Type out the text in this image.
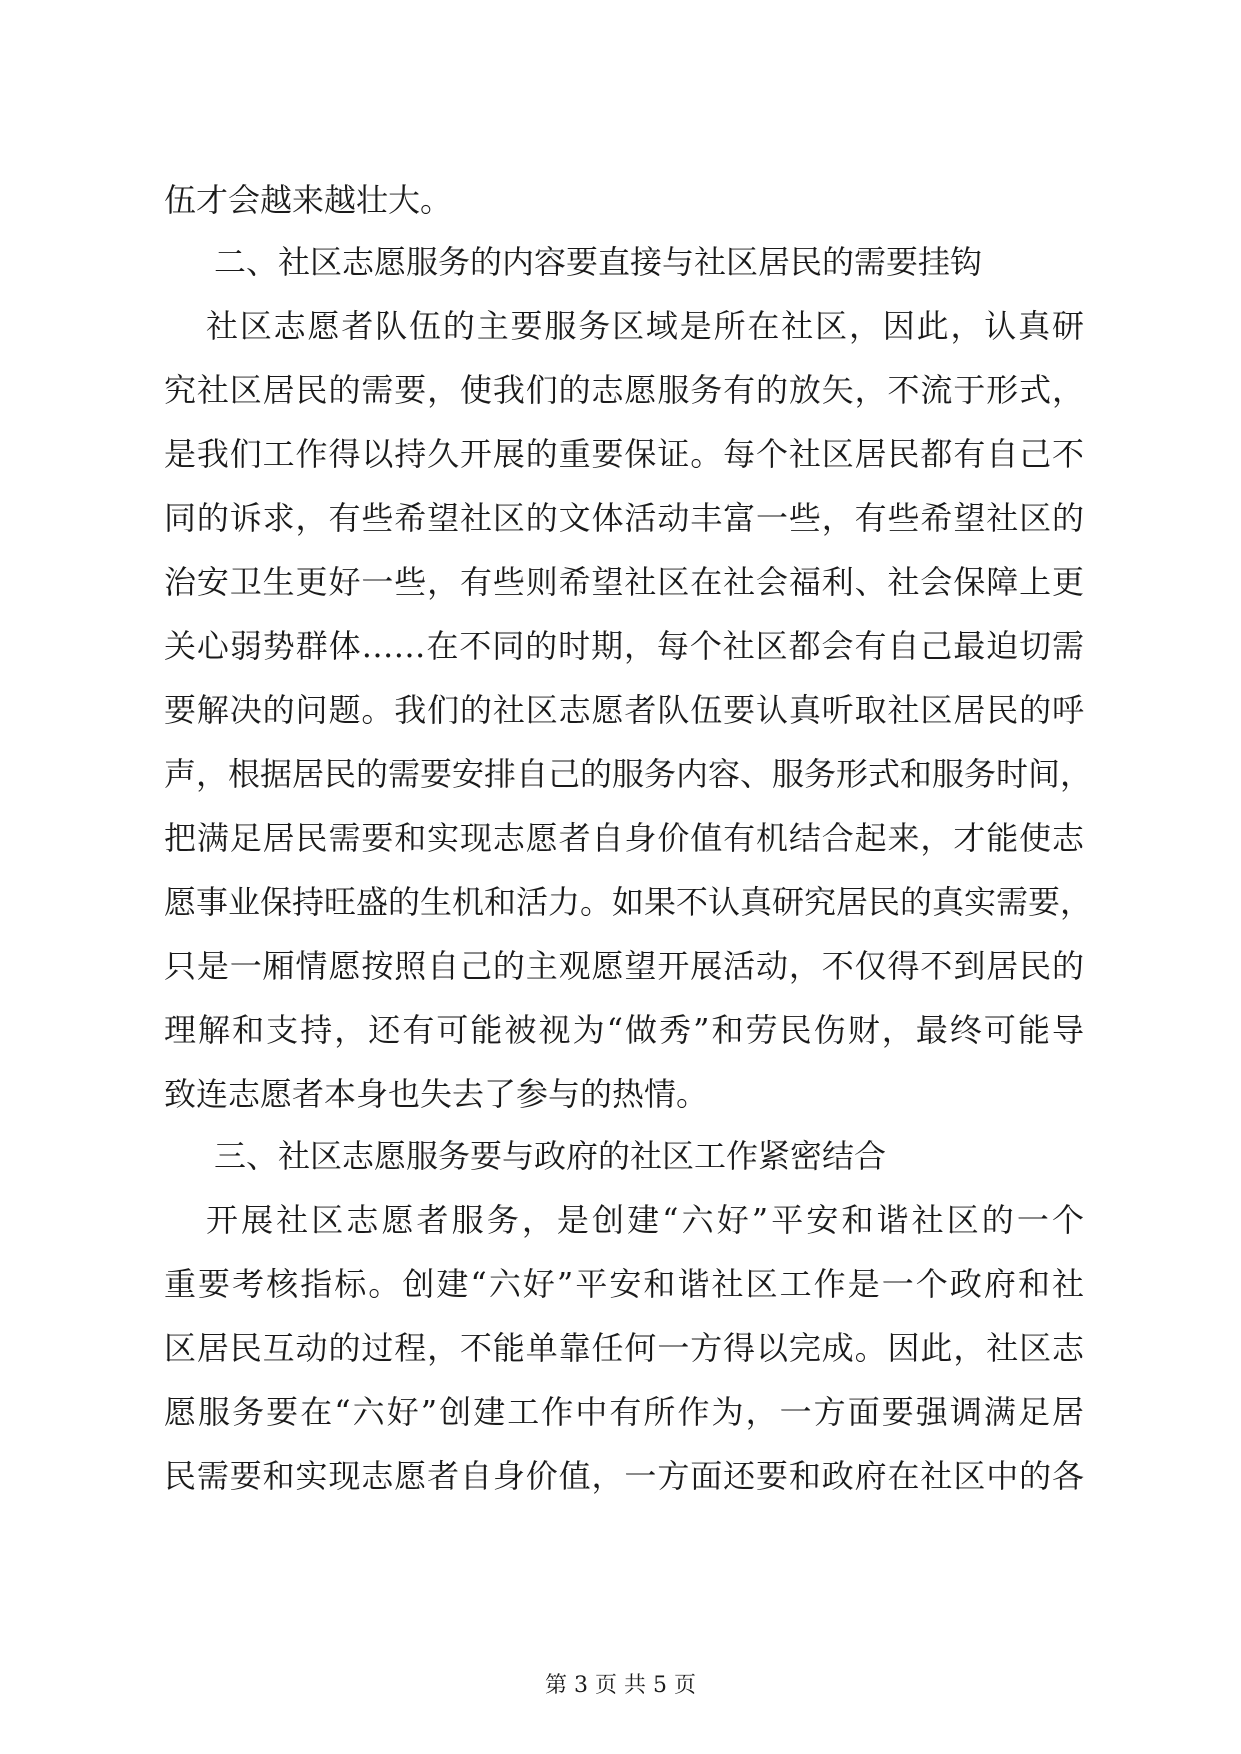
伍才会越来越壮大。
二、社区志愿服务的内容要直接与社区居民的需要挂钩
社区志愿者队伍的主要服务区域是所在社区，因此，认真研
究社区居民的需要，使我们的志愿服务有的放矢，不流于形式，
是我们工作得以持久开展的重要保证。每个社区居民都有自己不
同的诉求，有些希望社区的文体活动丰富一些，有些希望社区的
治安卫生更好一些，有些则希望社区在社会福利、社会保障上更
关心弱势群体……在不同的时期，每个社区都会有自己最迫切需
要解决的问题。我们的社区志愿者队伍要认真听取社区居民的呼
声，根据居民的需要安排自己的服务内容、服务形式和服务时间，
把满足居民需要和实现志愿者自身价值有机结合起来，才能使志
愿事业保持旺盛的生机和活力。如果不认真研究居民的真实需要，
只是一厢情愿按照自己的主观愿望开展活动，不仅得不到居民的
理解和支持，还有可能被视为“做秀”和劳民伤财，最终可能导
致连志愿者本身也失去了参与的热情。
三、社区志愿服务要与政府的社区工作紧密结合
开展社区志愿者服务，是创建“六好”平安和谐社区的一个
重要考核指标。创建“六好”平安和谐社区工作是一个政府和社
区居民互动的过程，不能单靠任何一方得以完成。因此，社区志
愿服务要在“六好”创建工作中有所作为，一方面要强调满足居
民需要和实现志愿者自身价值，一方面还要和政府在社区中的各
第 3 页 共 5 页
